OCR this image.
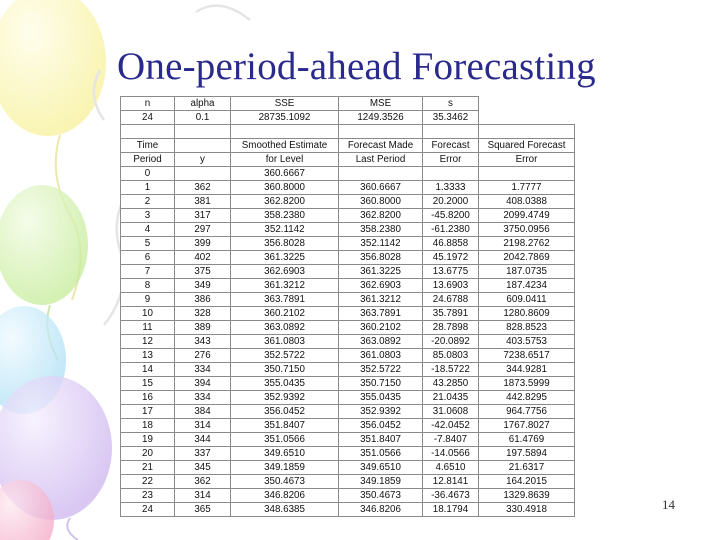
One-period-ahead Forecasting
n	alpha	SSE	MSE	s	
24	0.1	28735.1092	1249.3526	35.3462	

Time		Smoothed Estimate	Forecast Made	Forecast	Squared Forecast
Period	y	for Level	Last Period	Error	Error
0		360.6667			
1	362	360.8000	360.6667	1.3333	1.7777
2	381	362.8200	360.8000	20.2000	408.0388
3	317	358.2380	362.8200	-45.8200	2099.4749
4	297	352.1142	358.2380	-61.2380	3750.0956
5	399	356.8028	352.1142	46.8858	2198.2762
6	402	361.3225	356.8028	45.1972	2042.7869
7	375	362.6903	361.3225	13.6775	187.0735
8	349	361.3212	362.6903	13.6903	187.4234
9	386	363.7891	361.3212	24.6788	609.0411
10	328	360.2102	363.7891	35.7891	1280.8609
11	389	363.0892	360.2102	28.7898	828.8523
12	343	361.0803	363.0892	-20.0892	403.5753
13	276	352.5722	361.0803	85.0803	7238.6517
14	334	350.7150	352.5722	-18.5722	344.9281
15	394	355.0435	350.7150	43.2850	1873.5999
16	334	352.9392	355.0435	21.0435	442.8295
17	384	356.0452	352.9392	31.0608	964.7756
18	314	351.8407	356.0452	-42.0452	1767.8027
19	344	351.0566	351.8407	-7.8407	61.4769
20	337	349.6510	351.0566	-14.0566	197.5894
21	345	349.1859	349.6510	4.6510	21.6317
22	362	350.4673	349.1859	12.8141	164.2015
23	314	346.8206	350.4673	-36.4673	1329.8639
24	365	348.6385	346.8206	18.1794	330.4918	14
